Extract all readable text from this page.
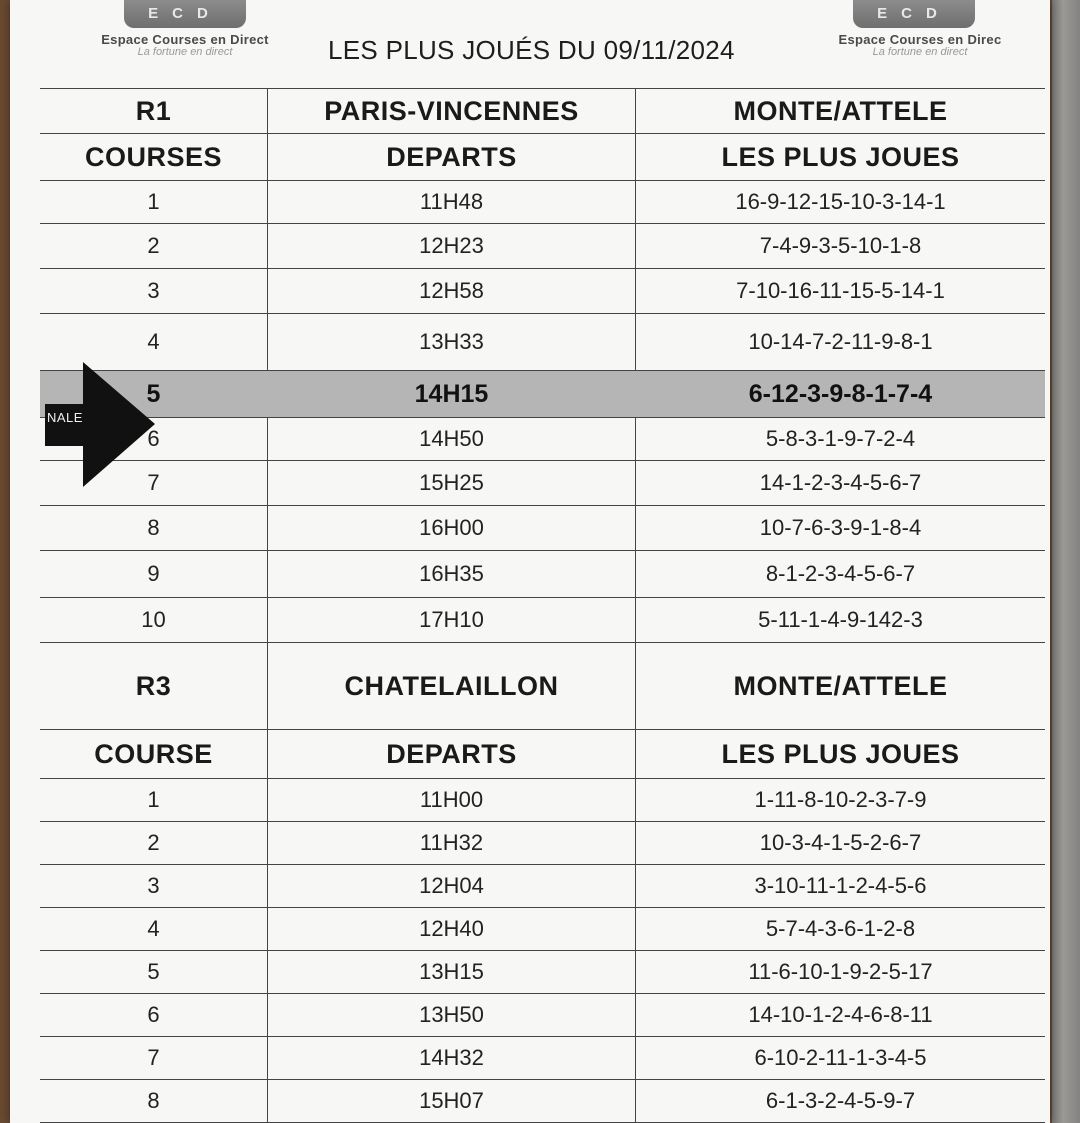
ECD
Espace Courses en Direct
La fortune en direct	LES PLUS JOUÉS DU 09/11/2024
ECD
Espace Courses en Direc
La fortune en direct
R1	PARIS-VINCENNES	MONTE/ATTELE
COURSES	DEPARTS	LES PLUS JOUES
1	11H48	16-9-12-15-10-3-14-1
2	12H23	7-4-9-3-5-10-1-8
3	12H58	7-10-16-11-15-5-14-1
4	13H33	10-14-7-2-11-9-8-1
5	14H15	6-12-3-9-8-1-7-4
6	14H50	5-8-3-1-9-7-2-4
7	15H25	14-1-2-3-4-5-6-7
8	16H00	10-7-6-3-9-1-8-4
9	16H35	8-1-2-3-4-5-6-7
10	17H10	5-11-1-4-9-142-3
R3	CHATELAILLON	MONTE/ATTELE
COURSE	DEPARTS	LES PLUS JOUES
1	11H00	1-11-8-10-2-3-7-9
2	11H32	10-3-4-1-5-2-6-7
3	12H04	3-10-11-1-2-4-5-6
4	12H40	5-7-4-3-6-1-2-8
5	13H15	11-6-10-1-9-2-5-17
6	13H50	14-10-1-2-4-6-8-11
7	14H32	6-10-2-11-1-3-4-5
8	15H07	6-1-3-2-4-5-9-7
NALE
